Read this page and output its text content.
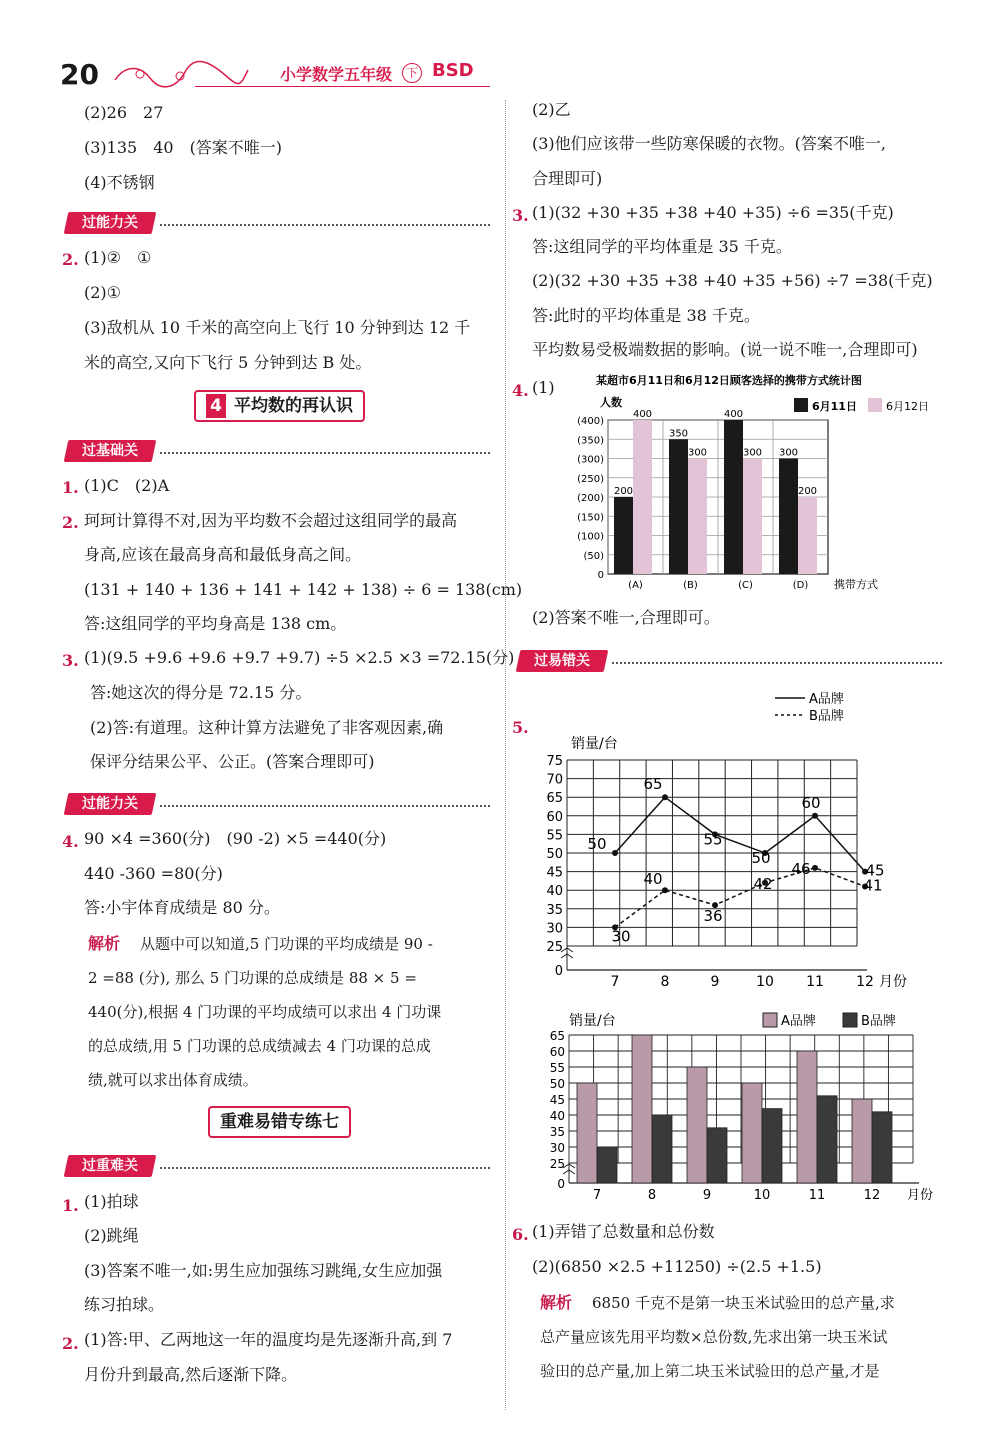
20	小学数学五年级	下 BSD
(2)26　27
(3)135　40　(答案不唯一)
(4)不锈钢
过能力关
2. (1)②　①
(2)①
(3)敌机从 10 千米的高空向上飞行 10 分钟到达 12 千
米的高空,又向下飞行 5 分钟到达 B 处。
4 平均数的再认识
过基础关
1. (1)C　(2)A
2. 珂珂计算得不对,因为平均数不会超过这组同学的最高
身高,应该在最高身高和最低身高之间。
(131 + 140 + 136 + 141 + 142 + 138) ÷ 6 = 138(cm)
答:这组同学的平均身高是 138 cm。
3. (1)(9.5 +9.6 +9.6 +9.7 +9.7) ÷5 ×2.5 ×3 =72.15(分)
答:她这次的得分是 72.15 分。
(2)答:有道理。这种计算方法避免了非客观因素,确
保评分结果公平、公正。(答案合理即可)
过能力关
4. 90 ×4 =360(分)　(90 -2) ×5 =440(分)
440 -360 =80(分)
答:小宇体育成绩是 80 分。
解析 从题中可以知道,5 门功课的平均成绩是 90 -
2 =88 (分), 那么 5 门功课的总成绩是 88 × 5 =
440(分),根据 4 门功课的平均成绩可以求出 4 门功课
的总成绩,用 5 门功课的总成绩减去 4 门功课的总成
绩,就可以求出体育成绩。
重难易错专练七
过重难关
1. (1)拍球
(2)跳绳
(3)答案不唯一,如:男生应加强练习跳绳,女生应加强
练习拍球。
2. (1)答:甲、乙两地这一年的温度均是先逐渐升高,到 7
月份升到最高,然后逐渐下降。
(2)乙
(3)他们应该带一些防寒保暖的衣物。(答案不唯一,
合理即可)
3. (1)(32 +30 +35 +38 +40 +35) ÷6 =35(千克)
答:这组同学的平均体重是 35 千克。
(2)(32 +30 +35 +38 +40 +35 +56) ÷7 =38(千克)
答:此时的平均体重是 38 千克。
平均数易受极端数据的影响。(说一说不唯一,合理即可)
4. (1)	某超市6月11日和6月12日顾客选择的携带方式统计图
人数	6月11日	6月12日
0
(50)
(100)
(150)
(200)
(250)
(300)
(350)
(400)
200
400
(A)
350
300
(B)
400
300
(C)
300
200
(D) 携带方式
(2)答案不唯一,合理即可。
过易错关
5.
销量/台
A品牌
B品牌
25
30
35
40
45
50
55
60
65
70
75
0
7	8	9	10 11 12 月份
50
65
55
50
60
45
30
40
36
42
46
41
销量/台	A品牌	B品牌
25
30
35
40
45
50
55
60
65
0
7	8	9	10	11	12 月份
6. (1)弄错了总数量和总份数
(2)(6850 ×2.5 +11250) ÷(2.5 +1.5)
解析 6850 千克不是第一块玉米试验田的总产量,求
总产量应该先用平均数×总份数,先求出第一块玉米试
验田的总产量,加上第二块玉米试验田的总产量,才是
